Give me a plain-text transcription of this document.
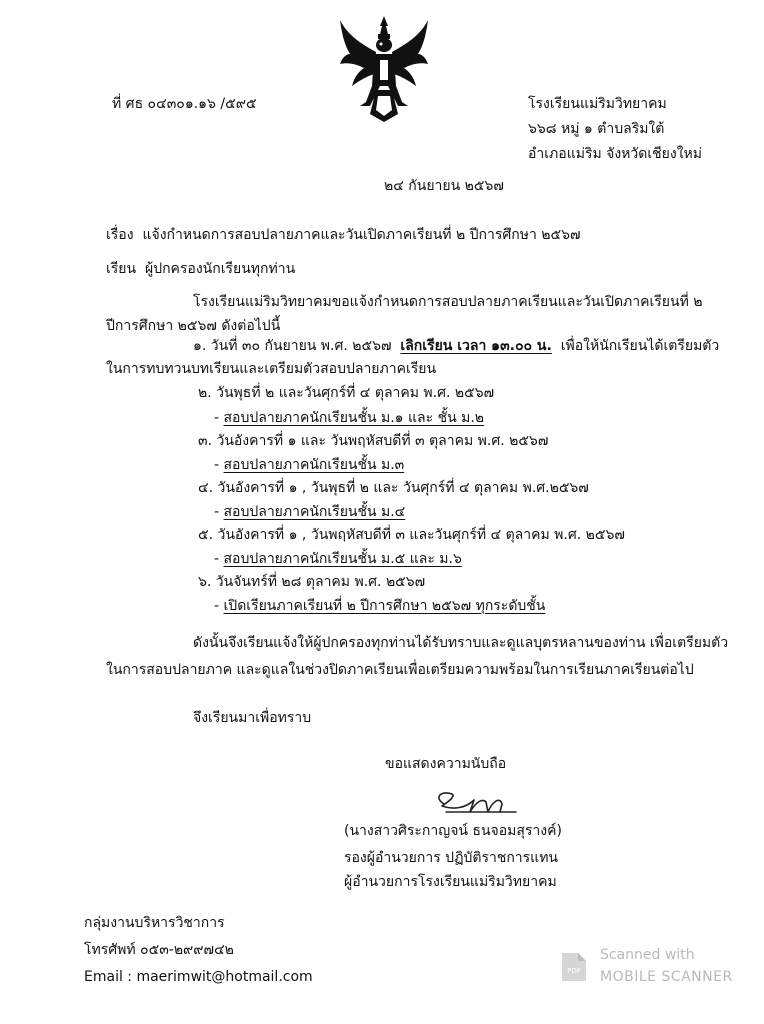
ที่ ศธ ๐๔๓๐๑.๑๖ /๕๙๕	โรงเรียนแม่ริมวิทยาคม
๖๖๘ หมู่ ๑ ตำบลริมใต้
อำเภอแม่ริม จังหวัดเชียงใหม่
๒๔ กันยายน ๒๕๖๗
เรื่อง แจ้งกำหนดการสอบปลายภาคและวันเปิดภาคเรียนที่ ๒ ปีการศึกษา ๒๕๖๗
เรียน ผู้ปกครองนักเรียนทุกท่าน
โรงเรียนแม่ริมวิทยาคมขอแจ้งกำหนดการสอบปลายภาคเรียนและวันเปิดภาคเรียนที่ ๒
ปีการศึกษา ๒๕๖๗ ดังต่อไปนี้
๑. วันที่ ๓๐ กันยายน พ.ศ. ๒๕๖๗ เลิกเรียน เวลา ๑๓.๐๐ น. เพื่อให้นักเรียนได้เตรียมตัว
ในการทบทวนบทเรียนและเตรียมตัวสอบปลายภาคเรียน
๒. วันพุธที่ ๒ และวันศุกร์ที่ ๔ ตุลาคม พ.ศ. ๒๕๖๗
- สอบปลายภาคนักเรียนชั้น ม.๑ และ ชั้น ม.๒
๓. วันอังคารที่ ๑ และ วันพฤหัสบดีที่ ๓ ตุลาคม พ.ศ. ๒๕๖๗
- สอบปลายภาคนักเรียนชั้น ม.๓
๔. วันอังคารที่ ๑ , วันพุธที่ ๒ และ วันศุกร์ที่ ๔ ตุลาคม พ.ศ.๒๕๖๗
- สอบปลายภาคนักเรียนชั้น ม.๔
๕. วันอังคารที่ ๑ , วันพฤหัสบดีที่ ๓ และวันศุกร์ที่ ๔ ตุลาคม พ.ศ. ๒๕๖๗
- สอบปลายภาคนักเรียนชั้น ม.๕ และ ม.๖
๖. วันจันทร์ที่ ๒๘ ตุลาคม พ.ศ. ๒๕๖๗
- เปิดเรียนภาคเรียนที่ ๒ ปีการศึกษา ๒๕๖๗ ทุกระดับชั้น
ดังนั้นจึงเรียนแจ้งให้ผู้ปกครองทุกท่านได้รับทราบและดูแลบุตรหลานของท่าน เพื่อเตรียมตัว
ในการสอบปลายภาค และดูแลในช่วงปิดภาคเรียนเพื่อเตรียมความพร้อมในการเรียนภาคเรียนต่อไป
จึงเรียนมาเพื่อทราบ
ขอแสดงความนับถือ
(นางสาวศิระกาญจน์ ธนจอมสุรางค์)
รองผู้อำนวยการ ปฏิบัติราชการแทน
ผู้อำนวยการโรงเรียนแม่ริมวิทยาคม
กลุ่มงานบริหารวิชาการ
โทรศัพท์ ๐๕๓-๒๙๙๗๔๒
Email : maerimwit@hotmail.com	PDF
Scanned with
MOBILE SCANNER
